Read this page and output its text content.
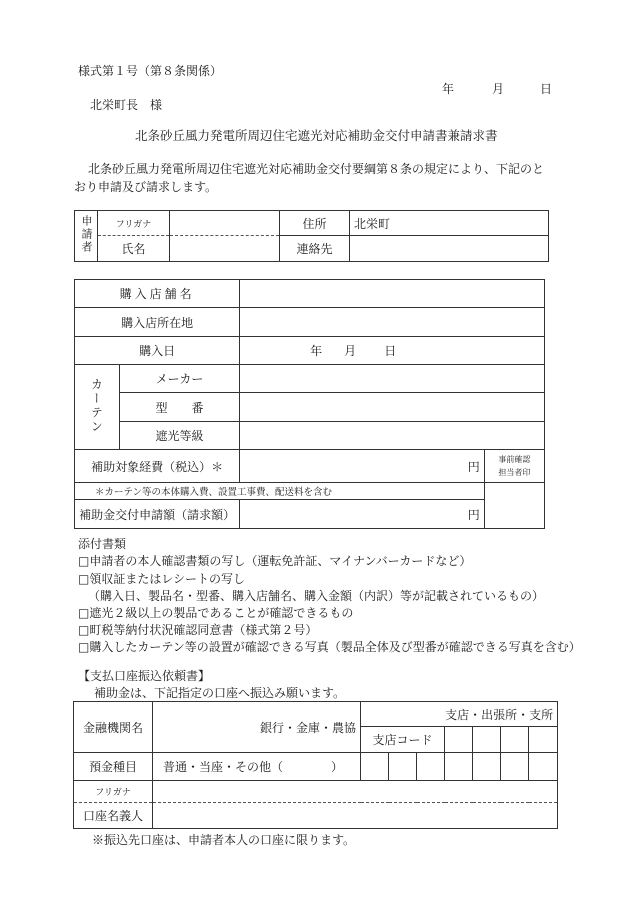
様式第１号（第８条関係）
年	月	日
北栄町長　様
北条砂丘風力発電所周辺住宅遮光対応補助金交付申請書兼請求書
北条砂丘風力発電所周辺住宅遮光対応補助金交付要綱第８条の規定により、下記のと
おり申請及び請求します。
申請者	フリガナ		住所	北栄町
	氏名		連絡先	
購入店舗名			
購入店所在地			
購入日		年 月 日	
カーテン	メーカー		
	型　　番		
	遮光等級		
補助対象経費（税込）＊		円	事前確認
担当者印

＊カーテン等の本体購入費、設置工事費、配送料を含む			
補助金交付申請額（請求額）		円	
添付書類
□申請者の本人確認書類の写し（運転免許証、マイナンバーカードなど）
□領収証またはレシートの写し
（購入日、製品名・型番、購入店舗名、購入金額（内訳）等が記載されているもの）
□遮光２級以上の製品であることが確認できるもの
□町税等納付状況確認同意書（様式第２号）
□購入したカーテン等の設置が確認できる写真（製品全体及び型番が確認できる写真を含む）
【支払口座振込依頼書】
補助金は、下記指定の口座へ振込み願います。
金融機関名	銀行・金庫・農協	支店・出張所・支所						
		支店コード						
預金種目	普通・当座・その他（　　　　）							
フリガナ								
口座名義人								
※振込先口座は、申請者本人の口座に限ります。
